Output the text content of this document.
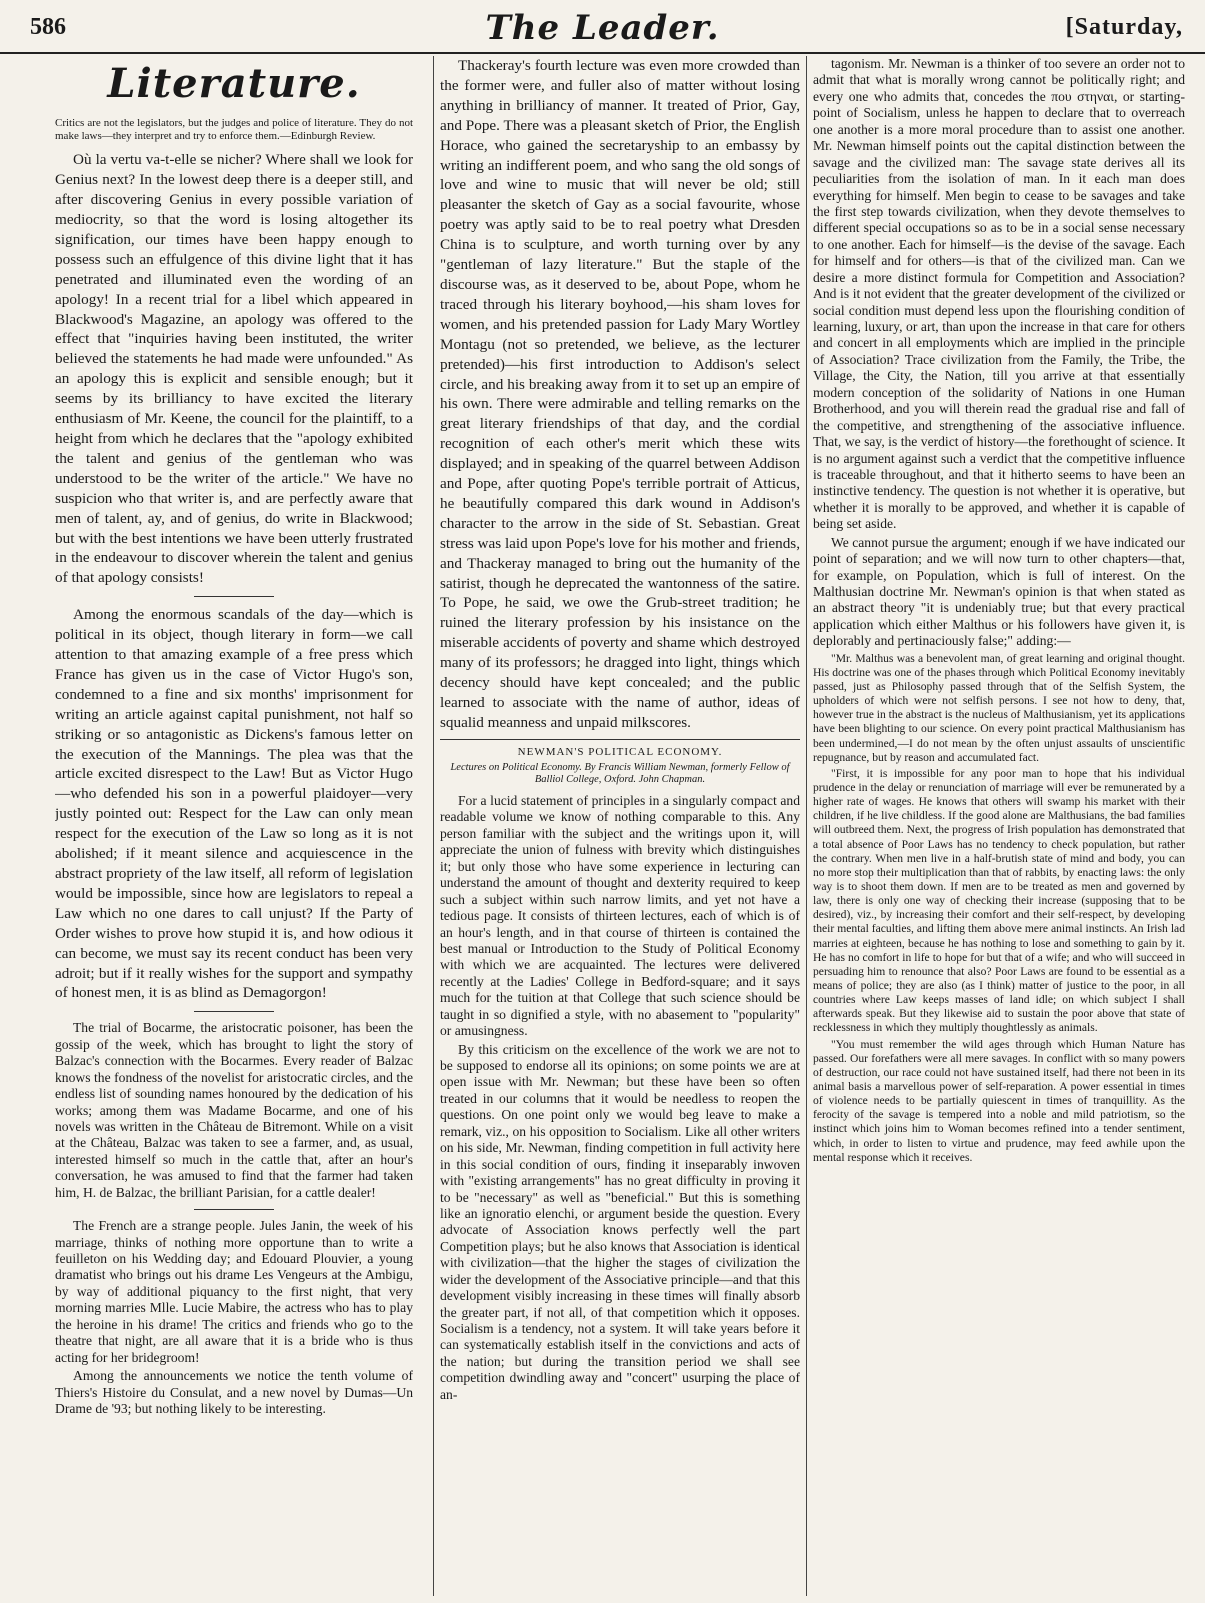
586	The Leader.	[Saturday,
Literature.

Critics are not the legislators, but the judges and police of literature. They do not make laws—they interpret and try to enforce them.—Edinburgh Review.

Où la vertu va-t-elle se nicher? Where shall we look for Genius next? In the lowest deep there is a deeper still, and after discovering Genius in every possible variation of mediocrity, so that the word is losing altogether its signification, our times have been happy enough to possess such an effulgence of this divine light that it has penetrated and illuminated even the wording of an apology! In a recent trial for a libel which appeared in Blackwood's Magazine, an apology was offered to the effect that "inquiries having been instituted, the writer believed the statements he had made were unfounded." As an apology this is explicit and sensible enough; but it seems by its brilliancy to have excited the literary enthusiasm of Mr. Keene, the council for the plaintiff, to a height from which he declares that the "apology exhibited the talent and genius of the gentleman who was understood to be the writer of the article." We have no suspicion who that writer is, and are perfectly aware that men of talent, ay, and of genius, do write in Blackwood; but with the best intentions we have been utterly frustrated in the endeavour to discover wherein the talent and genius of that apology consists!

Among the enormous scandals of the day—which is political in its object, though literary in form—we call attention to that amazing example of a free press which France has given us in the case of Victor Hugo's son, condemned to a fine and six months' imprisonment for writing an article against capital punishment, not half so striking or so antagonistic as Dickens's famous letter on the execution of the Mannings. The plea was that the article excited disrespect to the Law! But as Victor Hugo—who defended his son in a powerful plaidoyer—very justly pointed out: Respect for the Law can only mean respect for the execution of the Law so long as it is not abolished; if it meant silence and acquiescence in the abstract propriety of the law itself, all reform of legislation would be impossible, since how are legislators to repeal a Law which no one dares to call unjust? If the Party of Order wishes to prove how stupid it is, and how odious it can become, we must say its recent conduct has been very adroit; but if it really wishes for the support and sympathy of honest men, it is as blind as Demagorgon!

The trial of Bocarme, the aristocratic poisoner, has been the gossip of the week, which has brought to light the story of Balzac's connection with the Bocarmes. Every reader of Balzac knows the fondness of the novelist for aristocratic circles, and the endless list of sounding names honoured by the dedication of his works; among them was Madame Bocarme, and one of his novels was written in the Château de Bitremont. While on a visit at the Château, Balzac was taken to see a farmer, and, as usual, interested himself so much in the cattle that, after an hour's conversation, he was amused to find that the farmer had taken him, H. de Balzac, the brilliant Parisian, for a cattle dealer!

The French are a strange people. Jules Janin, the week of his marriage, thinks of nothing more opportune than to write a feuilleton on his Wedding day; and Edouard Plouvier, a young dramatist who brings out his drame Les Vengeurs at the Ambigu, by way of additional piquancy to the first night, that very morning marries Mlle. Lucie Mabire, the actress who has to play the heroine in his drame! The critics and friends who go to the theatre that night, are all aware that it is a bride who is thus acting for her bridegroom!

Among the announcements we notice the tenth volume of Thiers's Histoire du Consulat, and a new novel by Dumas—Un Drame de '93; but nothing likely to be interesting.

Thackeray's fourth lecture was even more crowded than the former were, and fuller also of matter without losing anything in brilliancy of manner. It treated of Prior, Gay, and Pope. There was a pleasant sketch of Prior, the English Horace, who gained the secretaryship to an embassy by writing an indifferent poem, and who sang the old songs of love and wine to music that will never be old; still pleasanter the sketch of Gay as a social favourite, whose poetry was aptly said to be to real poetry what Dresden China is to sculpture, and worth turning over by any "gentleman of lazy literature." But the staple of the discourse was, as it deserved to be, about Pope, whom he traced through his literary boyhood,—his sham loves for women, and his pretended passion for Lady Mary Wortley Montagu (not so pretended, we believe, as the lecturer pretended)—his first introduction to Addison's select circle, and his breaking away from it to set up an empire of his own. There were admirable and telling remarks on the great literary friendships of that day, and the cordial recognition of each other's merit which these wits displayed; and in speaking of the quarrel between Addison and Pope, after quoting Pope's terrible portrait of Atticus, he beautifully compared this dark wound in Addison's character to the arrow in the side of St. Sebastian. Great stress was laid upon Pope's love for his mother and friends, and Thackeray managed to bring out the humanity of the satirist, though he deprecated the wantonness of the satire. To Pope, he said, we owe the Grub-street tradition; he ruined the literary profession by his insistance on the miserable accidents of poverty and shame which destroyed many of its professors; he dragged into light, things which decency should have kept concealed; and the public learned to associate with the name of author, ideas of squalid meanness and unpaid milkscores.

NEWMAN'S POLITICAL ECONOMY.
Lectures on Political Economy. By Francis William Newman, formerly Fellow of Balliol College, Oxford. John Chapman.

For a lucid statement of principles in a singularly compact and readable volume we know of nothing comparable to this. Any person familiar with the subject and the writings upon it, will appreciate the union of fulness with brevity which distinguishes it; but only those who have some experience in lecturing can understand the amount of thought and dexterity required to keep such a subject within such narrow limits, and yet not have a tedious page. It consists of thirteen lectures, each of which is of an hour's length, and in that course of thirteen is contained the best manual or Introduction to the Study of Political Economy with which we are acquainted. The lectures were delivered recently at the Ladies' College in Bedford-square; and it says much for the tuition at that College that such science should be taught in so dignified a style, with no abasement to "popularity" or amusingness.

By this criticism on the excellence of the work we are not to be supposed to endorse all its opinions; on some points we are at open issue with Mr. Newman; but these have been so often treated in our columns that it would be needless to reopen the questions. On one point only we would beg leave to make a remark, viz., on his opposition to Socialism. Like all other writers on his side, Mr. Newman, finding competition in full activity here in this social condition of ours, finding it inseparably inwoven with "existing arrangements" has no great difficulty in proving it to be "necessary" as well as "beneficial." But this is something like an ignoratio elenchi, or argument beside the question. Every advocate of Association knows perfectly well the part Competition plays; but he also knows that Association is identical with civilization—that the higher the stages of civilization the wider the development of the Associative principle—and that this development visibly increasing in these times will finally absorb the greater part, if not all, of that competition which it opposes. Socialism is a tendency, not a system. It will take years before it can systematically establish itself in the convictions and acts of the nation; but during the transition period we shall see competition dwindling away and "concert" usurping the place of an-

tagonism. Mr. Newman is a thinker of too severe an order not to admit that what is morally wrong cannot be politically right; and every one who admits that, concedes the που στηναι, or starting-point of Socialism, unless he happen to declare that to overreach one another is a more moral procedure than to assist one another. Mr. Newman himself points out the capital distinction between the savage and the civilized man: The savage state derives all its peculiarities from the isolation of man. In it each man does everything for himself. Men begin to cease to be savages and take the first step towards civilization, when they devote themselves to different special occupations so as to be in a social sense necessary to one another. Each for himself—is the devise of the savage. Each for himself and for others—is that of the civilized man. Can we desire a more distinct formula for Competition and Association? And is it not evident that the greater development of the civilized or social condition must depend less upon the flourishing condition of learning, luxury, or art, than upon the increase in that care for others and concert in all employments which are implied in the principle of Association? Trace civilization from the Family, the Tribe, the Village, the City, the Nation, till you arrive at that essentially modern conception of the solidarity of Nations in one Human Brotherhood, and you will therein read the gradual rise and fall of the competitive, and strengthening of the associative influence. That, we say, is the verdict of history—the forethought of science. It is no argument against such a verdict that the competitive influence is traceable throughout, and that it hitherto seems to have been an instinctive tendency. The question is not whether it is operative, but whether it is morally to be approved, and whether it is capable of being set aside.

We cannot pursue the argument; enough if we have indicated our point of separation; and we will now turn to other chapters—that, for example, on Population, which is full of interest. On the Malthusian doctrine Mr. Newman's opinion is that when stated as an abstract theory "it is undeniably true; but that every practical application which either Malthus or his followers have given it, is deplorably and pertinaciously false;" adding:—

"Mr. Malthus was a benevolent man, of great learning and original thought. His doctrine was one of the phases through which Political Economy inevitably passed, just as Philosophy passed through that of the Selfish System, the upholders of which were not selfish persons. I see not how to deny, that, however true in the abstract is the nucleus of Malthusianism, yet its applications have been blighting to our science. On every point practical Malthusianism has been undermined,—I do not mean by the often unjust assaults of unscientific repugnance, but by reason and accumulated fact.

"First, it is impossible for any poor man to hope that his individual prudence in the delay or renunciation of marriage will ever be remunerated by a higher rate of wages. He knows that others will swamp his market with their children, if he live childless. If the good alone are Malthusians, the bad families will outbreed them. Next, the progress of Irish population has demonstrated that a total absence of Poor Laws has no tendency to check population, but rather the contrary. When men live in a half-brutish state of mind and body, you can no more stop their multiplication than that of rabbits, by enacting laws: the only way is to shoot them down. If men are to be treated as men and governed by law, there is only one way of checking their increase (supposing that to be desired), viz., by increasing their comfort and their self-respect, by developing their mental faculties, and lifting them above mere animal instincts. An Irish lad marries at eighteen, because he has nothing to lose and something to gain by it. He has no comfort in life to hope for but that of a wife; and who will succeed in persuading him to renounce that also? Poor Laws are found to be essential as a means of police; they are also (as I think) matter of justice to the poor, in all countries where Law keeps masses of land idle; on which subject I shall afterwards speak. But they likewise aid to sustain the poor above that state of recklessness in which they multiply thoughtlessly as animals.

"You must remember the wild ages through which Human Nature has passed. Our forefathers were all mere savages. In conflict with so many powers of destruction, our race could not have sustained itself, had there not been in its animal basis a marvellous power of self-reparation. A power essential in times of violence needs to be partially quiescent in times of tranquillity. As the ferocity of the savage is tempered into a noble and mild patriotism, so the instinct which joins him to Woman becomes refined into a tender sentiment, which, in order to listen to virtue and prudence, may feed awhile upon the mental response which it receives.
